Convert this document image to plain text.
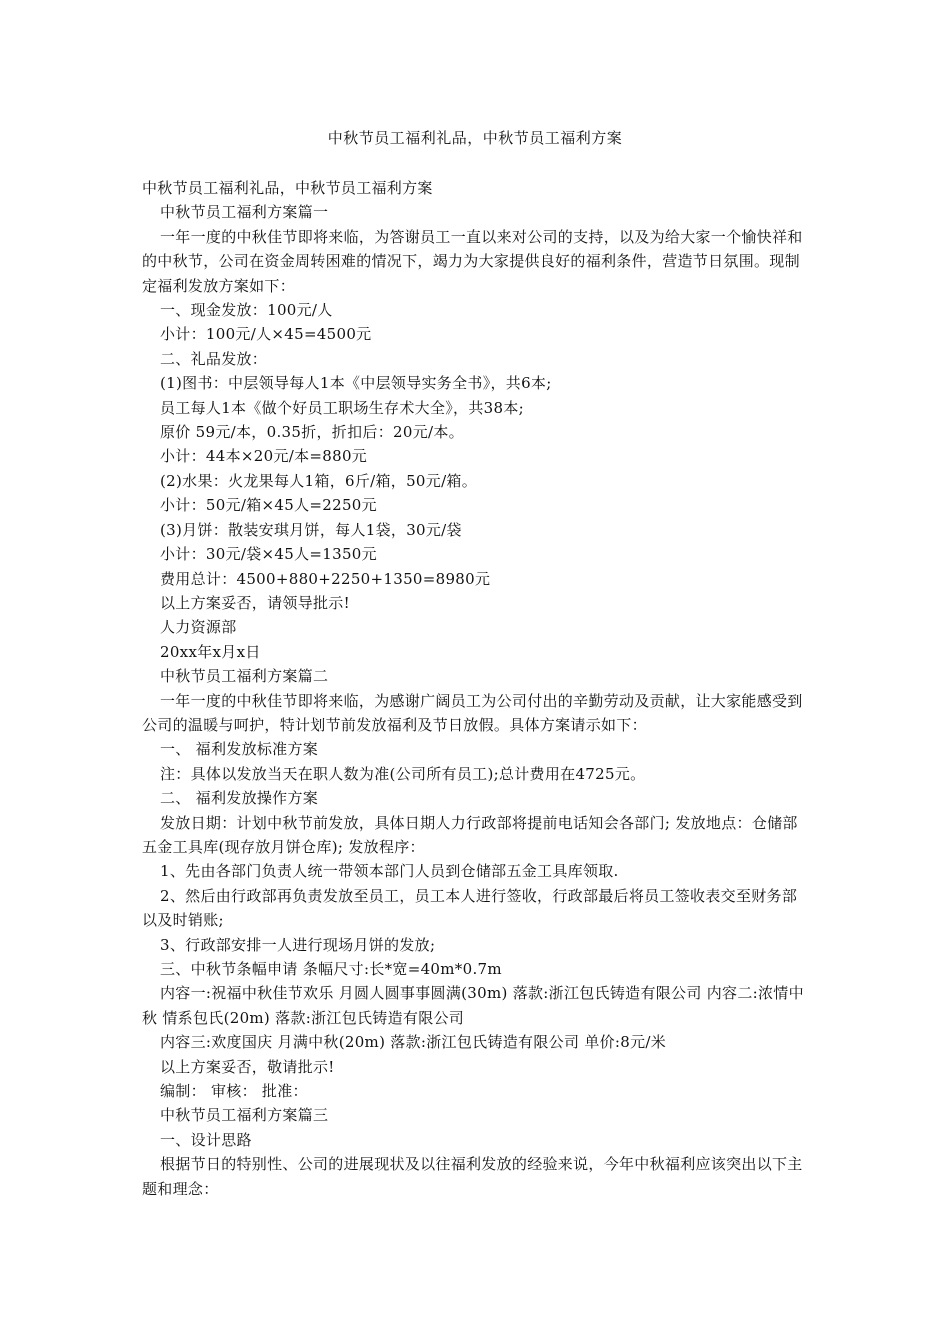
中秋节员工福利礼品，中秋节员工福利方案

中秋节员工福利礼品，中秋节员工福利方案

中秋节员工福利方案篇一

一年一度的中秋佳节即将来临，为答谢员工一直以来对公司的支持，以及为给大家一个愉快祥和的中秋节，公司在资金周转困难的情况下，竭力为大家提供良好的福利条件，营造节日氛围。现制定福利发放方案如下：

一、现金发放：100元/人

小计：100元/人×45=4500元

二、礼品发放：

(1)图书：中层领导每人1本《中层领导实务全书》，共6本;

员工每人1本《做个好员工职场生存术大全》，共38本;

原价 59元/本，0.35折，折扣后：20元/本。

小计：44本×20元/本=880元

(2)水果：火龙果每人1箱，6斤/箱，50元/箱。

小计：50元/箱×45人=2250元

(3)月饼：散装安琪月饼，每人1袋，30元/袋

小计：30元/袋×45人=1350元

费用总计：4500+880+2250+1350=8980元

以上方案妥否，请领导批示!

人力资源部

20xx年x月x日

中秋节员工福利方案篇二

一年一度的中秋佳节即将来临，为感谢广阔员工为公司付出的辛勤劳动及贡献，让大家能感受到公司的温暖与呵护，特计划节前发放福利及节日放假。具体方案请示如下：

一、 福利发放标准方案

注：具体以发放当天在职人数为准(公司所有员工);总计费用在4725元。

二、 福利发放操作方案

发放日期：计划中秋节前发放，具体日期人力行政部将提前电话知会各部门; 发放地点：仓储部五金工具库(现存放月饼仓库); 发放程序：

1、先由各部门负责人统一带领本部门人员到仓储部五金工具库领取.

2、然后由行政部再负责发放至员工，员工本人进行签收，行政部最后将员工签收表交至财务部以及时销账;

3、行政部安排一人进行现场月饼的发放;

三、中秋节条幅申请 条幅尺寸:长*宽=40m*0.7m

内容一:祝福中秋佳节欢乐 月圆人圆事事圆满(30m) 落款:浙江包氏铸造有限公司 内容二:浓情中秋 情系包氏(20m) 落款:浙江包氏铸造有限公司

内容三:欢度国庆 月满中秋(20m) 落款:浙江包氏铸造有限公司 单价:8元/米

以上方案妥否，敬请批示!

编制： 审核： 批准：

中秋节员工福利方案篇三

一、设计思路

根据节日的特别性、公司的进展现状及以往福利发放的经验来说，今年中秋福利应该突出以下主题和理念：
